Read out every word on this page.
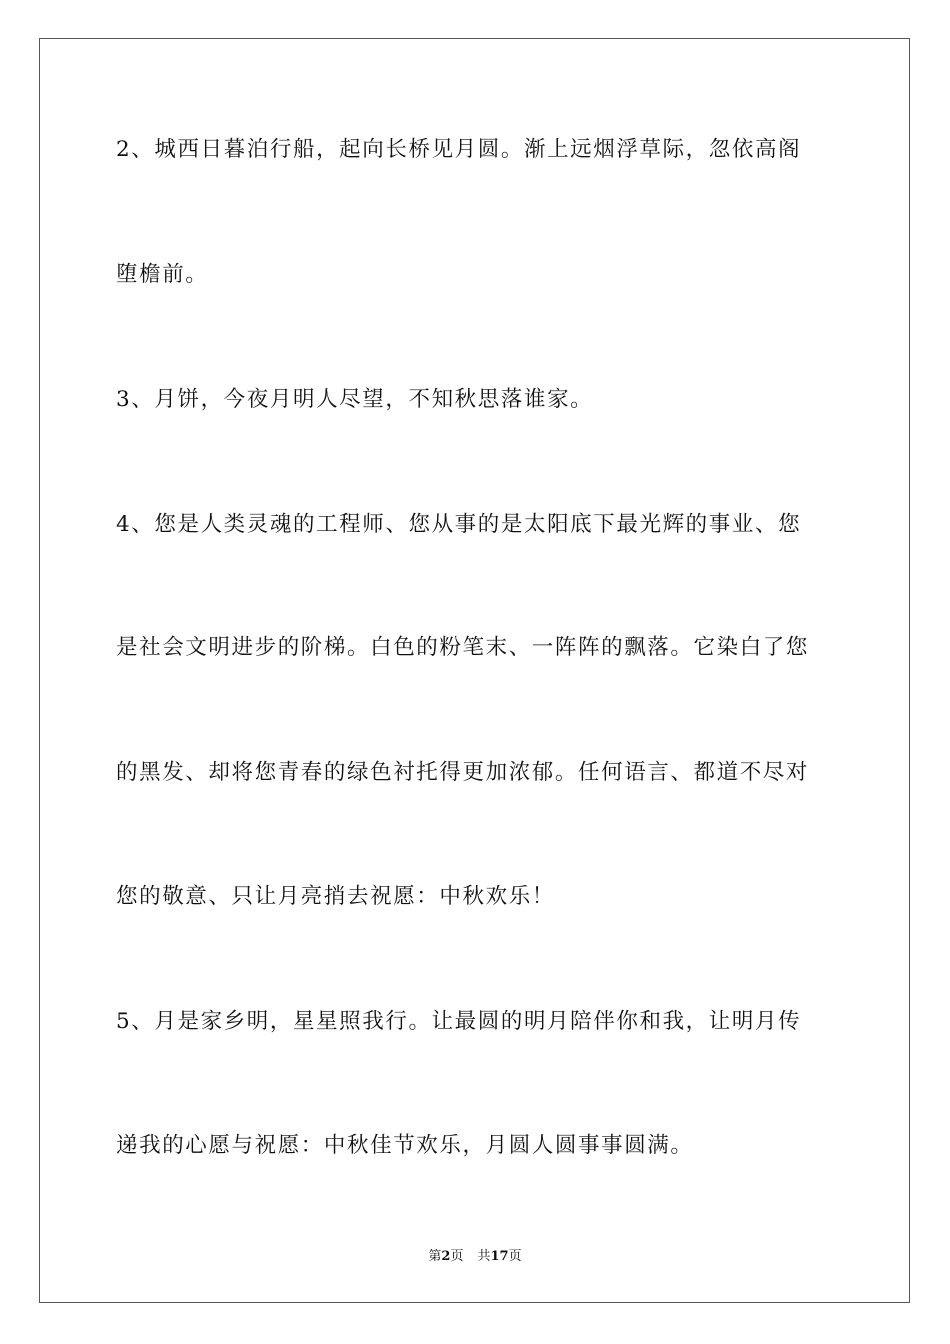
2、城西日暮泊行船，起向长桥见月圆。渐上远烟浮草际，忽依高阁
堕檐前。
3、月饼，今夜月明人尽望，不知秋思落谁家。
4、您是人类灵魂的工程师、您从事的是太阳底下最光辉的事业、您
是社会文明进步的阶梯。白色的粉笔末、一阵阵的飘落。它染白了您
的黑发、却将您青春的绿色衬托得更加浓郁。任何语言、都道不尽对
您的敬意、只让月亮捎去祝愿：中秋欢乐！
5、月是家乡明，星星照我行。让最圆的明月陪伴你和我，让明月传
递我的心愿与祝愿：中秋佳节欢乐，月圆人圆事事圆满。
第2页 共17页
